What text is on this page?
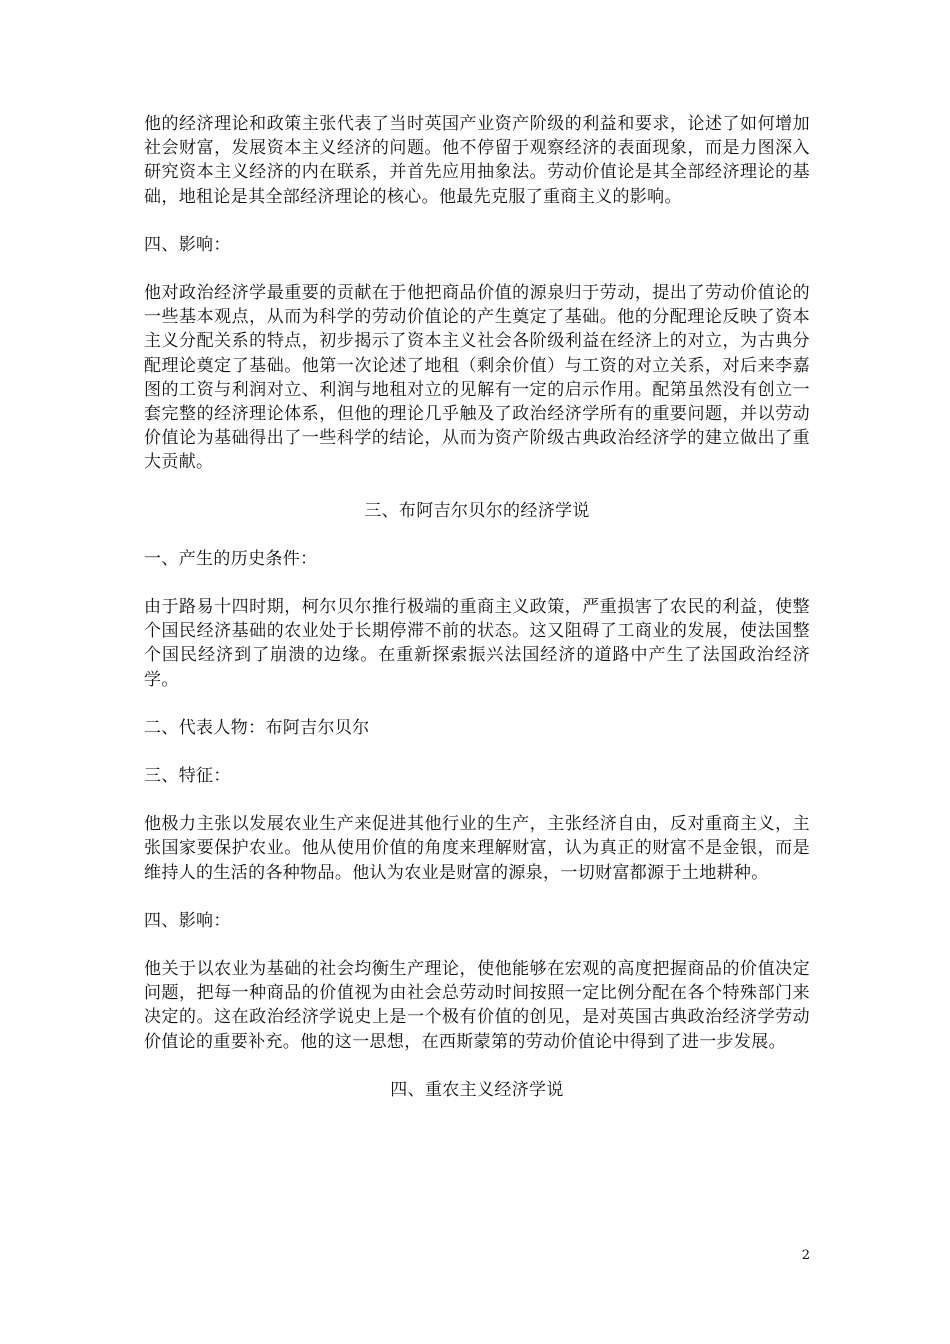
他的经济理论和政策主张代表了当时英国产业资产阶级的利益和要求，论述了如何增加社会财富，发展资本主义经济的问题。他不停留于观察经济的表面现象，而是力图深入研究资本主义经济的内在联系，并首先应用抽象法。劳动价值论是其全部经济理论的基础，地租论是其全部经济理论的核心。他最先克服了重商主义的影响。

四、影响：

他对政治经济学最重要的贡献在于他把商品价值的源泉归于劳动，提出了劳动价值论的一些基本观点，从而为科学的劳动价值论的产生奠定了基础。他的分配理论反映了资本主义分配关系的特点，初步揭示了资本主义社会各阶级利益在经济上的对立，为古典分配理论奠定了基础。他第一次论述了地租（剩余价值）与工资的对立关系，对后来李嘉图的工资与利润对立、利润与地租对立的见解有一定的启示作用。配第虽然没有创立一套完整的经济理论体系，但他的理论几乎触及了政治经济学所有的重要问题，并以劳动价值论为基础得出了一些科学的结论，从而为资产阶级古典政治经济学的建立做出了重大贡献。

三、布阿吉尔贝尔的经济学说

一、产生的历史条件：

由于路易十四时期，柯尔贝尔推行极端的重商主义政策，严重损害了农民的利益，使整个国民经济基础的农业处于长期停滞不前的状态。这又阻碍了工商业的发展，使法国整个国民经济到了崩溃的边缘。在重新探索振兴法国经济的道路中产生了法国政治经济学。

二、代表人物：布阿吉尔贝尔

三、特征：

他极力主张以发展农业生产来促进其他行业的生产，主张经济自由，反对重商主义，主张国家要保护农业。他从使用价值的角度来理解财富，认为真正的财富不是金银，而是维持人的生活的各种物品。他认为农业是财富的源泉，一切财富都源于土地耕种。

四、影响：

他关于以农业为基础的社会均衡生产理论，使他能够在宏观的高度把握商品的价值决定问题，把每一种商品的价值视为由社会总劳动时间按照一定比例分配在各个特殊部门来决定的。这在政治经济学说史上是一个极有价值的创见，是对英国古典政治经济学劳动价值论的重要补充。他的这一思想，在西斯蒙第的劳动价值论中得到了进一步发展。

四、重农主义经济学说

2
